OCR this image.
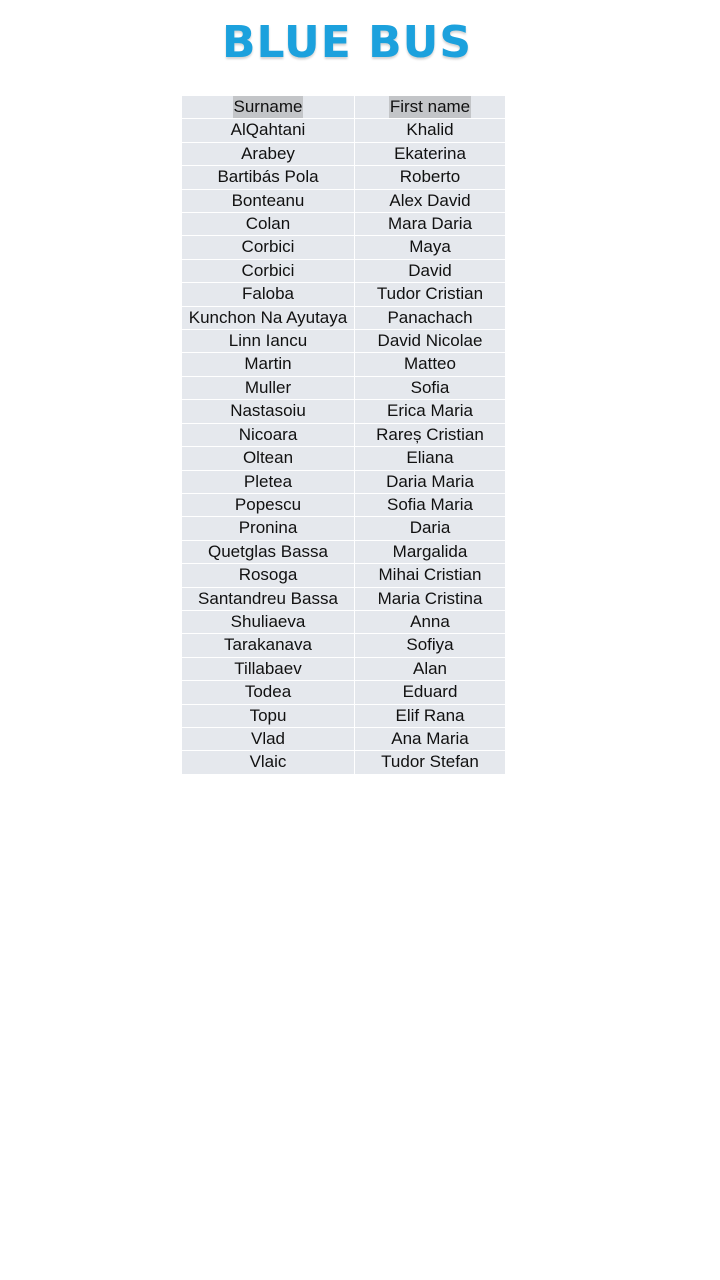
BLUE BUS
Surname	First name
AlQahtani	Khalid
Arabey	Ekaterina
Bartibás Pola	Roberto
Bonteanu	Alex David
Colan	Mara Daria
Corbici	Maya
Corbici	David
Faloba	Tudor Cristian
Kunchon Na Ayutaya	Panachach
Linn Iancu	David Nicolae
Martin	Matteo
Muller	Sofia
Nastasoiu	Erica Maria
Nicoara	Rareș Cristian
Oltean	Eliana
Pletea	Daria Maria
Popescu	Sofia Maria
Pronina	Daria
Quetglas Bassa	Margalida
Rosoga	Mihai Cristian
Santandreu Bassa	Maria Cristina
Shuliaeva	Anna
Tarakanava	Sofiya
Tillabaev	Alan
Todea	Eduard
Topu	Elif Rana
Vlad	Ana Maria
Vlaic	Tudor Stefan
